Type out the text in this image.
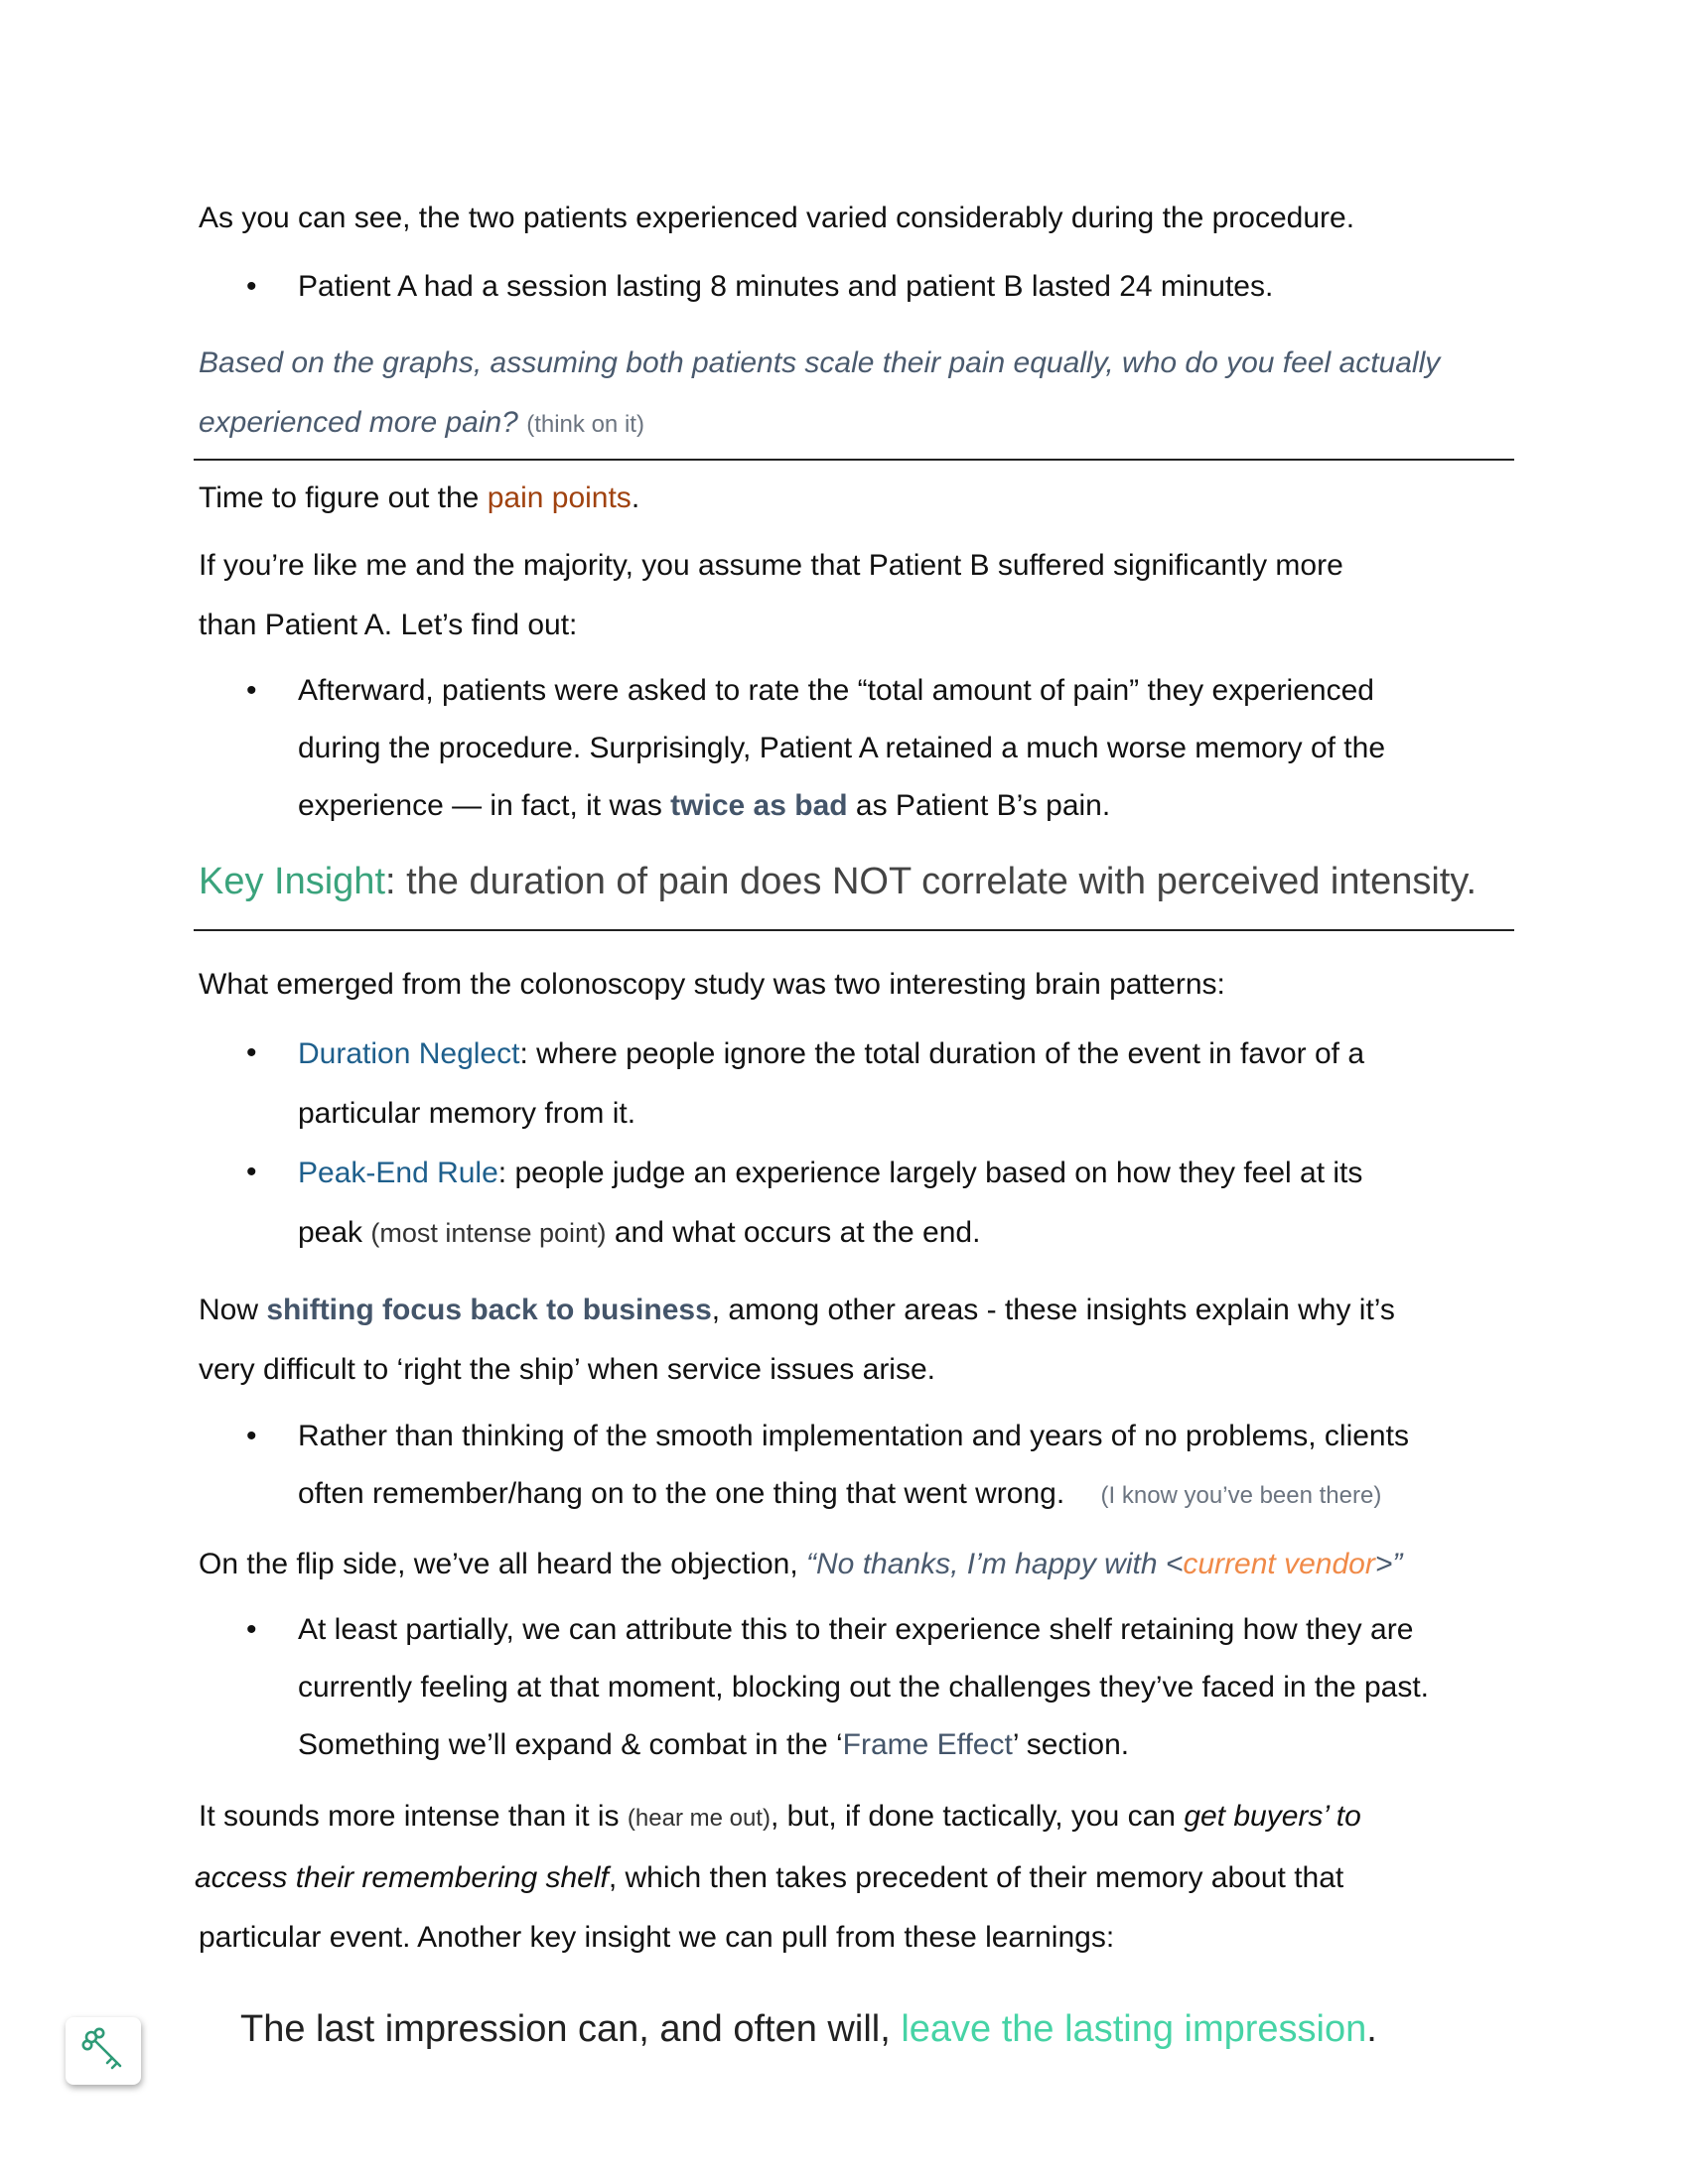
As you can see, the two patients experienced varied considerably during the procedure.

• Patient A had a session lasting 8 minutes and patient B lasted 24 minutes.

Based on the graphs, assuming both patients scale their pain equally, who do you feel actually
experienced more pain? (think on it)

Time to figure out the pain points.

If you’re like me and the majority, you assume that Patient B suffered significantly more
than Patient A. Let’s find out:

• Afterward, patients were asked to rate the “total amount of pain” they experienced
during the procedure. Surprisingly, Patient A retained a much worse memory of the
experience — in fact, it was twice as bad as Patient B’s pain.

Key Insight: the duration of pain does NOT correlate with perceived intensity.

What emerged from the colonoscopy study was two interesting brain patterns:

• Duration Neglect: where people ignore the total duration of the event in favor of a
particular memory from it.

• Peak-End Rule: people judge an experience largely based on how they feel at its
peak (most intense point) and what occurs at the end.

Now shifting focus back to business, among other areas - these insights explain why it’s
very difficult to ‘right the ship’ when service issues arise.

• Rather than thinking of the smooth implementation and years of no problems, clients
often remember/hang on to the one thing that went wrong. (I know you’ve been there)

On the flip side, we’ve all heard the objection, “No thanks, I’m happy with <current vendor>”

• At least partially, we can attribute this to their experience shelf retaining how they are
currently feeling at that moment, blocking out the challenges they’ve faced in the past.
Something we’ll expand & combat in the ‘Frame Effect’ section.

It sounds more intense than it is (hear me out), but, if done tactically, you can get buyers’ to
access their remembering shelf, which then takes precedent of their memory about that
particular event. Another key insight we can pull from these learnings:

The last impression can, and often will, leave the lasting impression.
